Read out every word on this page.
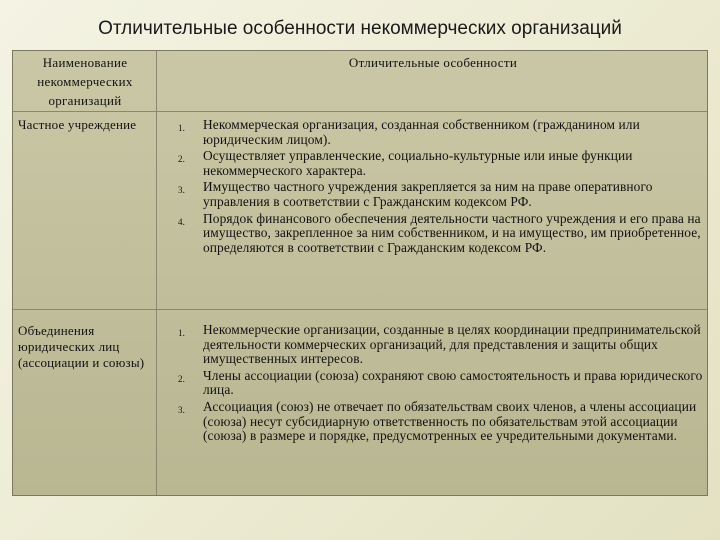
Отличительные особенности некоммерческих организаций
Наименование некоммерческих организаций
Отличительные особенности
Частное учреждение	1. Некоммерческая организация, созданная собственником (гражданином или юридическим лицом).
2. Осуществляет управленческие, социально-культурные или иные функции некоммерческого характера.
3. Имущество частного учреждения закрепляется за ним на праве оперативного управления в соответствии с Гражданским кодексом РФ.
4. Порядок финансового обеспечения деятельности частного учреждения и его права на имущество, закрепленное за ним собственником, и на имущество, им приобретенное, определяются в соответствии с Гражданским кодексом РФ.
Объединения юридических лиц (ассоциации и союзы)
1. Некоммерческие организации, созданные в целях координации предпринимательской деятельности коммерческих организаций, для представления и защиты общих имущественных интересов.
2. Члены ассоциации (союза) сохраняют свою самостоятельность и права юридического лица.
3. Ассоциация (союз) не отвечает по обязательствам своих членов, а члены ассоциации (союза) несут субсидиарную ответственность по обязательствам этой ассоциации (союза) в размере и порядке, предусмотренных ее учредительными документами.
